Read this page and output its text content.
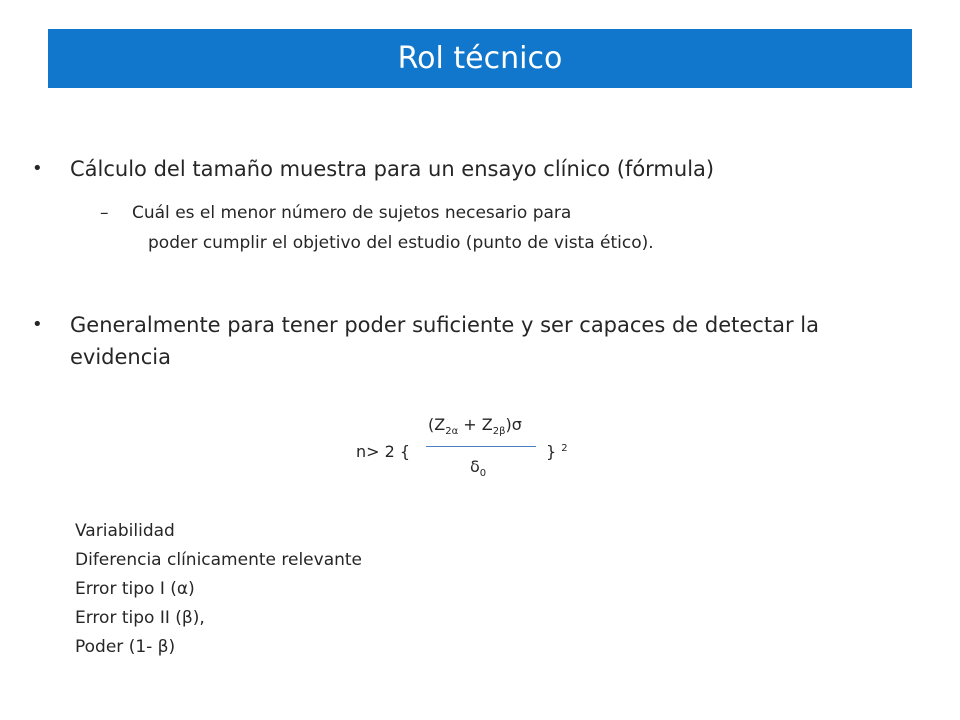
Rol técnico
• Cálculo del tamaño muestra para un ensayo clínico (fórmula)
– Cuál es el menor número de sujetos necesario para
poder cumplir el objetivo del estudio (punto de vista ético).
• Generalmente para tener poder suficiente y ser capaces de detectar la evidencia
n> 2 {
$(Z_{2\alpha} + Z_{2\beta})\sigma$
$\delta_0$
} $^2$
Variabilidad
Diferencia clínicamente relevante
Error tipo I (α)
Error tipo II (β),
Poder (1- β)
